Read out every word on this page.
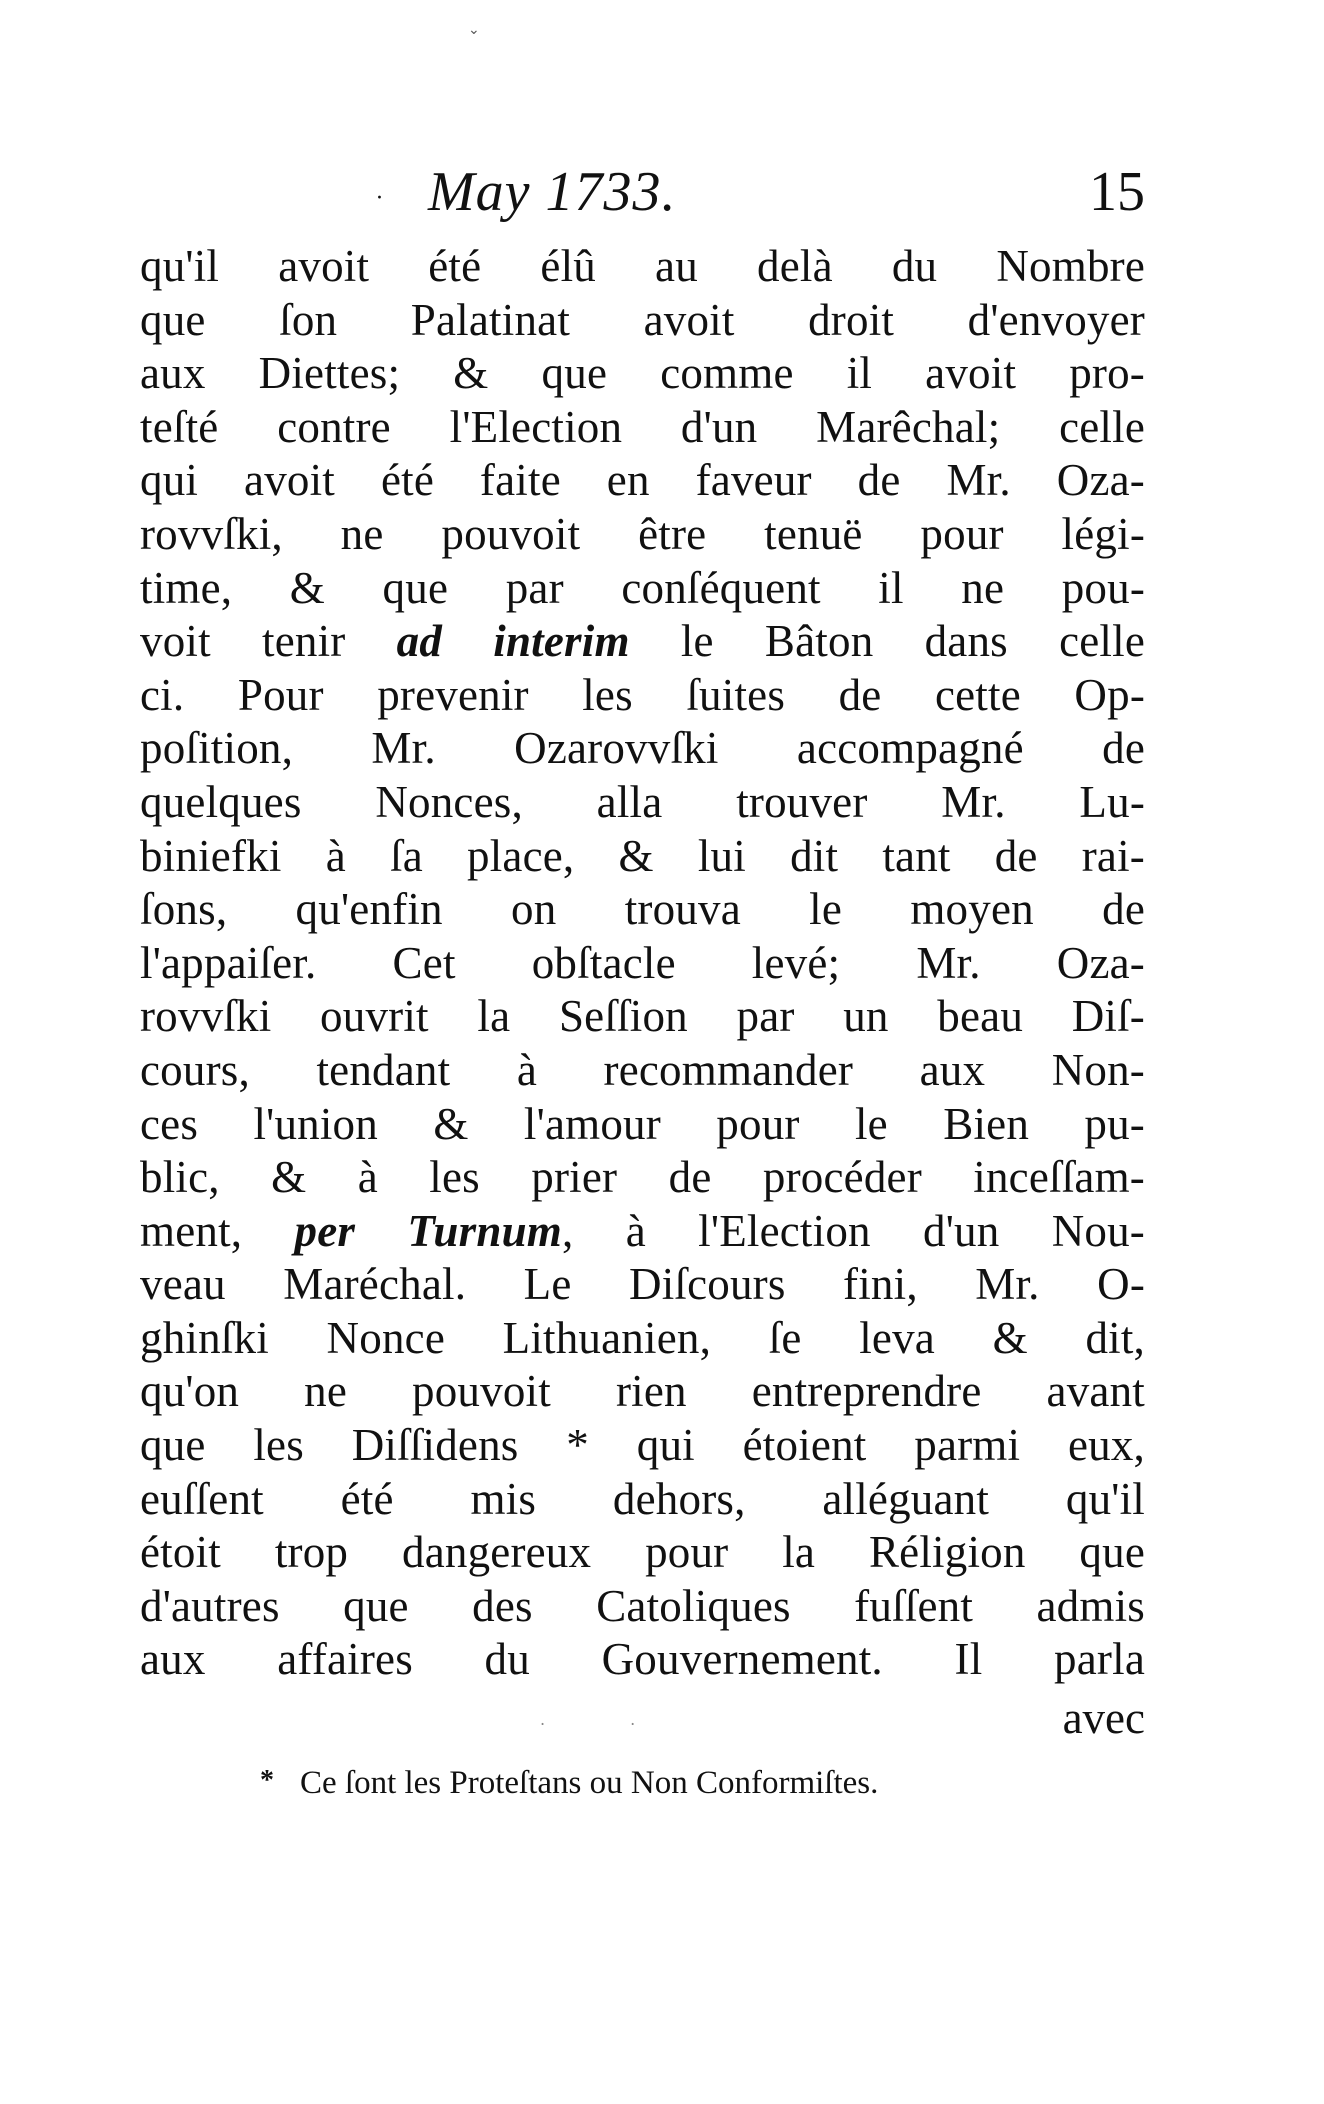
⌄
· May 1733.	15
qu'il avoit été élû au delà du Nombre
que ſon Palatinat avoit droit d'envoyer
aux Diettes; & que comme il avoit pro-
teſté contre l'Election d'un Marêchal; celle
qui avoit été faite en faveur de Mr. Oza-
rovvſki, ne pouvoit être tenuë pour légi-
time, & que par conſéquent il ne pou-
voit tenir ad interim le Bâton dans celle
ci. Pour prevenir les ſuites de cette Op-
poſition, Mr. Ozarovvſki accompagné de
quelques Nonces, alla trouver Mr. Lu-
biniefki à ſa place, & lui dit tant de rai-
ſons, qu'enfin on trouva le moyen de
l'appaiſer. Cet obſtacle levé; Mr. Oza-
rovvſki ouvrit la Seſſion par un beau Diſ-
cours, tendant à recommander aux Non-
ces l'union & l'amour pour le Bien pu-
blic, & à les prier de procéder inceſſam-
ment, per Turnum, à l'Election d'un Nou-
veau Maréchal. Le Diſcours fini, Mr. O-
ghinſki Nonce Lithuanien, ſe leva & dit,
qu'on ne pouvoit rien entreprendre avant
que les Diſſidens * qui étoient parmi eux,
euſſent été mis dehors, alléguant qu'il
étoit trop dangereux pour la Réligion que
d'autres que des Catoliques fuſſent admis
aux affaires du Gouvernement. Il parla
. .	avec
* Ce ſont les Proteſtans ou Non Conformiſtes.
